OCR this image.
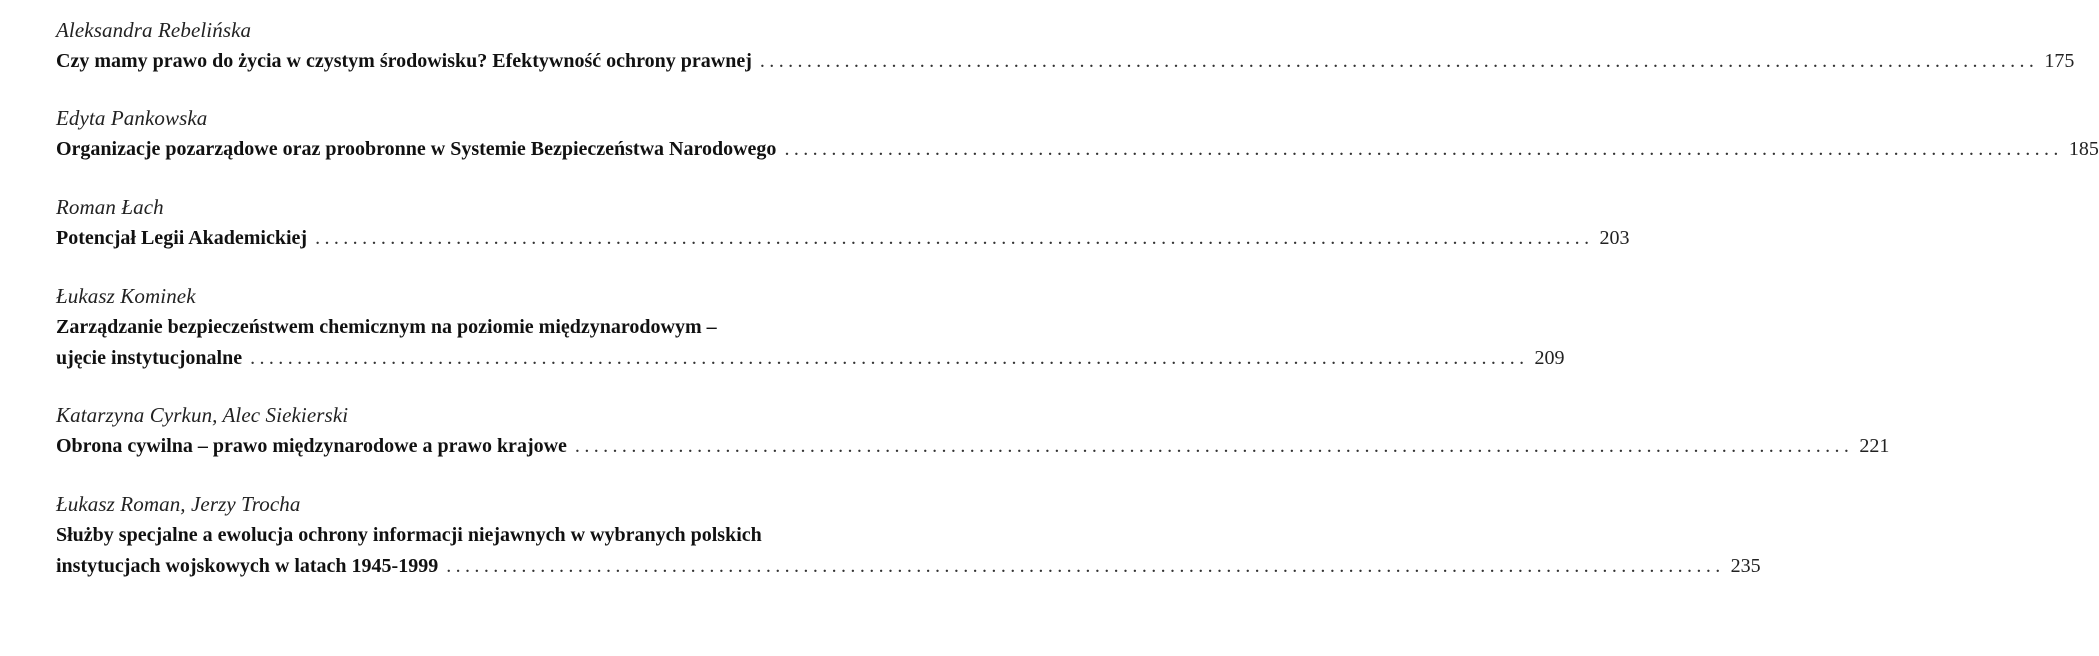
Aleksandra Rebelińska
Czy mamy prawo do życia w czystym środowisku? Efektywność ochrony prawnej ........................................................................................................................................ 175
Edyta Pankowska
Organizacje pozarządowe oraz proobronne w Systemie Bezpieczeństwa Narodowego ........................................................................................................................................ 185
Roman Łach
Potencjał Legii Akademickiej ........................................................................................................................................ 203
Łukasz Kominek
Zarządzanie bezpieczeństwem chemicznym na poziomie międzynarodowym –
ujęcie instytucjonalne ........................................................................................................................................ 209
Katarzyna Cyrkun, Alec Siekierski
Obrona cywilna – prawo międzynarodowe a prawo krajowe ........................................................................................................................................ 221
Łukasz Roman, Jerzy Trocha
Służby specjalne a ewolucja ochrony informacji niejawnych w wybranych polskich
instytucjach wojskowych w latach 1945-1999 ........................................................................................................................................ 235
